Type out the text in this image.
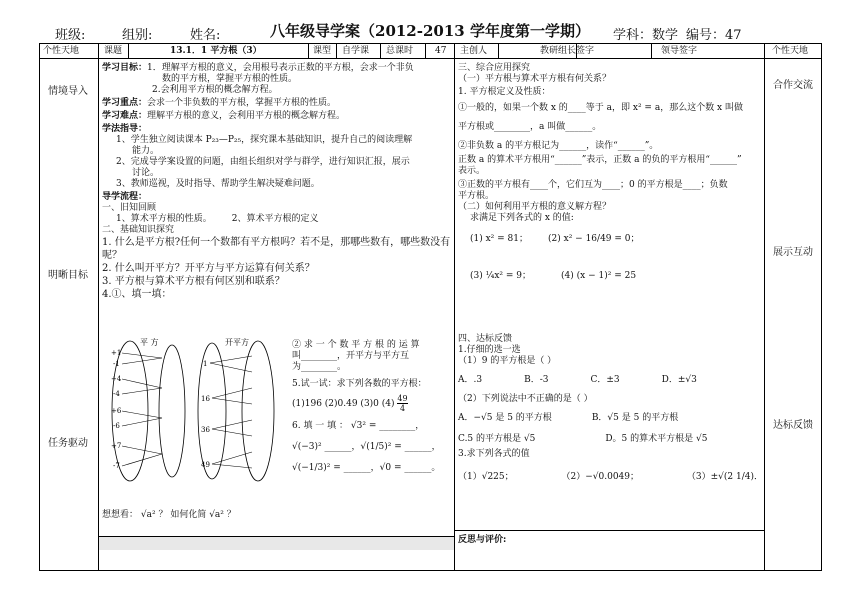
班级:	组别:	姓名:	八年级导学案（2012-2013 学年度第一学期） 学科：数学 编号：47
个性天地	课题	13.1．1 平方根（3）	课型 自学课 总课时 47 主创人	教研组长签字	领导签字	个性天地
情境导入
明晰目标
任务驱动
合作交流
展示互动
达标反馈
学习目标：1．理解平方根的意义，会用根号表示正数的平方根，会求一个非负
数的平方根，掌握平方根的性质。
2.会利用平方根的概念解方程。
学习重点：会求一个非负数的平方根，掌握平方根的性质。
学习难点：理解平方根的意义，会利用平方根的概念解方程。
学法指导：
1、学生独立阅读课本 P₂₃—P₂₅，探究课本基础知识，提升自己的阅读理解
能力。
2、完成导学案设置的问题，由组长组织对学与群学，进行知识汇报，展示
讨论。
3、教师巡视，及时指导、帮助学生解决疑难问题。
导学流程：
一、旧知回顾
1、算术平方根的性质。 2、算术平方根的定义
二、基础知识探究
1. 什么是平方根?任何一个数都有平方根吗？若不是，那哪些数有，哪些数没有
呢？
2. 什么叫开平方？开平方与平方运算有何关系？
3. 平方根与算术平方根有何区别和联系？
4.①、填一填：
平 方	开平方
+1
-1
+4
-4
+6
-6
+7
-7
1
16
36
49
② 求 一 个 数 平 方 根 的 运 算
叫________，开平方与平方互
为________。
5.试一试：求下列各数的平方根：
(1)196 (2)0.49 (3)0 $(4) \frac{49}{4}$
6. 填 一 填 ： √3² = ________，
√(−3)² ______，√(1/5)² = ______，
√(−1/3)² = ______，√0 = ______。
想想看： √a² ？ 如何化简 √a² ？
三、综合应用探究
（一）平方根与算术平方根有何关系？
1. 平方根定义及性质：
①一般的，如果一个数 x 的____等于 a，即 x² = a，那么这个数 x 叫做
平方根或________，a 叫做______。
②非负数 a 的平方根记为______，读作“______”。
正数 a 的算术平方根用“______”表示，正数 a 的负的平方根用“______”
表示。
③正数的平方根有____个，它们互为____；0 的平方根是____；负数
平方根。
（二）如何利用平方根的意义解方程？
求满足下列各式的 x 的值:
(1) x² = 81； (2) x² − 16/49 = 0；
(3) ¼x² = 9；	(4) (x − 1)² = 25
四、达标反馈
1.仔细的选一选
（1）9 的平方根是（ ）
A．.3	B．-3	C．±3	D．±√3
（2）下列说法中不正确的是（ ）
A．−√5 是 5 的平方根	B．√5 是 5 的平方根
C.5 的平方根是 √5	D。5 的算术平方根是 √5
3.求下列各式的值
（1）√225；	（2）−√0.0049；	（3）±√(2 1/4)．
反思与评价:
